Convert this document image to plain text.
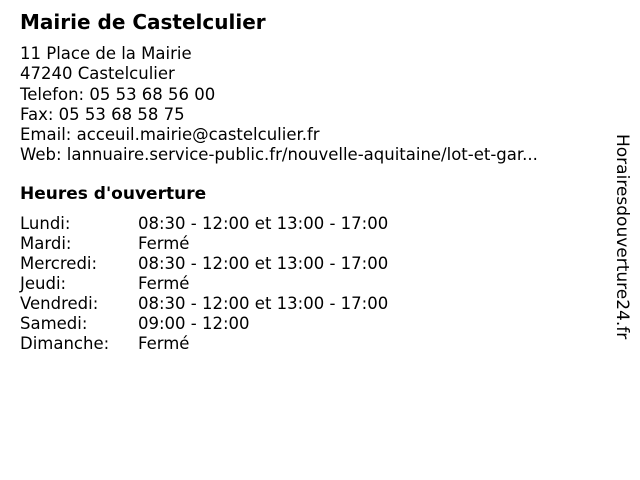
Mairie de Castelculier
11 Place de la Mairie
47240 Castelculier
Telefon: 05 53 68 56 00
Fax: 05 53 68 58 75
Email: acceuil.mairie@castelculier.fr
Web: lannuaire.service-public.fr/nouvelle-aquitaine/lot-et-gar...
Heures d'ouverture
Lundi:	08:30 - 12:00 et 13:00 - 17:00
Mardi:	Fermé
Mercredi:	08:30 - 12:00 et 13:00 - 17:00
Jeudi:	Fermé
Vendredi:	08:30 - 12:00 et 13:00 - 17:00
Samedi:	09:00 - 12:00
Dimanche:	Fermé
Horairesdouverture24.fr
